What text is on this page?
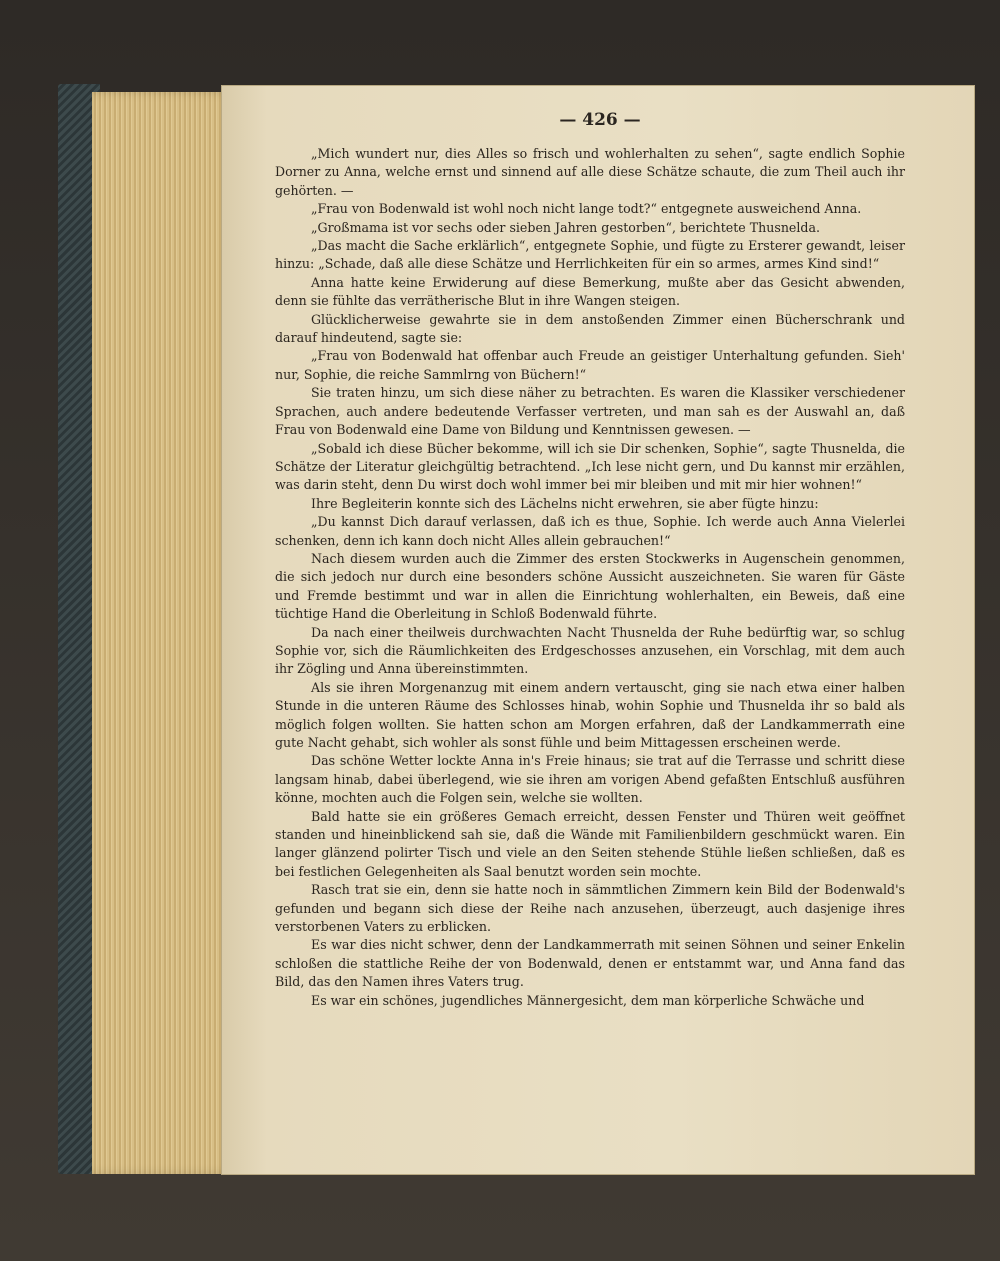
— 426 —

„Mich wundert nur, dies Alles so frisch und wohlerhalten zu sehen“, sagte endlich Sophie Dorner zu Anna, welche ernst und sinnend auf alle diese Schätze schaute, die zum Theil auch ihr gehörten. —

„Frau von Bodenwald ist wohl noch nicht lange todt?“ entgegnete ausweichend Anna.

„Großmama ist vor sechs oder sieben Jahren gestorben“, berichtete Thusnelda.

„Das macht die Sache erklärlich“, entgegnete Sophie, und fügte zu Ersterer gewandt, leiser hinzu: „Schade, daß alle diese Schätze und Herrlichkeiten für ein so armes, armes Kind sind!“

Anna hatte keine Erwiderung auf diese Bemerkung, mußte aber das Gesicht abwenden, denn sie fühlte das verrätherische Blut in ihre Wangen steigen.

Glücklicherweise gewahrte sie in dem anstoßenden Zimmer einen Bücherschrank und darauf hindeutend, sagte sie:

„Frau von Bodenwald hat offenbar auch Freude an geistiger Unterhaltung gefunden. Sieh' nur, Sophie, die reiche Sammlrng von Büchern!“

Sie traten hinzu, um sich diese näher zu betrachten. Es waren die Klassiker verschiedener Sprachen, auch andere bedeutende Verfasser vertreten, und man sah es der Auswahl an, daß Frau von Bodenwald eine Dame von Bildung und Kenntnissen gewesen. —

„Sobald ich diese Bücher bekomme, will ich sie Dir schenken, Sophie“, sagte Thusnelda, die Schätze der Literatur gleichgültig betrachtend. „Ich lese nicht gern, und Du kannst mir erzählen, was darin steht, denn Du wirst doch wohl immer bei mir bleiben und mit mir hier wohnen!“

Ihre Begleiterin konnte sich des Lächelns nicht erwehren, sie aber fügte hinzu:

„Du kannst Dich darauf verlassen, daß ich es thue, Sophie. Ich werde auch Anna Vielerlei schenken, denn ich kann doch nicht Alles allein gebrauchen!“

Nach diesem wurden auch die Zimmer des ersten Stockwerks in Augenschein genommen, die sich jedoch nur durch eine besonders schöne Aussicht auszeichneten. Sie waren für Gäste und Fremde bestimmt und war in allen die Einrichtung wohlerhalten, ein Beweis, daß eine tüchtige Hand die Oberleitung in Schloß Bodenwald führte.

Da nach einer theilweis durchwachten Nacht Thusnelda der Ruhe bedürftig war, so schlug Sophie vor, sich die Räumlichkeiten des Erdgeschosses anzusehen, ein Vorschlag, mit dem auch ihr Zögling und Anna übereinstimmten.

Als sie ihren Morgenanzug mit einem andern vertauscht, ging sie nach etwa einer halben Stunde in die unteren Räume des Schlosses hinab, wohin Sophie und Thusnelda ihr so bald als möglich folgen wollten. Sie hatten schon am Morgen erfahren, daß der Landkammerrath eine gute Nacht gehabt, sich wohler als sonst fühle und beim Mittagessen erscheinen werde.

Das schöne Wetter lockte Anna in's Freie hinaus; sie trat auf die Terrasse und schritt diese langsam hinab, dabei überlegend, wie sie ihren am vorigen Abend gefaßten Entschluß ausführen könne, mochten auch die Folgen sein, welche sie wollten.

Bald hatte sie ein größeres Gemach erreicht, dessen Fenster und Thüren weit geöffnet standen und hineinblickend sah sie, daß die Wände mit Familienbildern geschmückt waren. Ein langer glänzend polirter Tisch und viele an den Seiten stehende Stühle ließen schließen, daß es bei festlichen Gelegenheiten als Saal benutzt worden sein mochte.

Rasch trat sie ein, denn sie hatte noch in sämmtlichen Zimmern kein Bild der Bodenwald's gefunden und begann sich diese der Reihe nach anzusehen, überzeugt, auch dasjenige ihres verstorbenen Vaters zu erblicken.

Es war dies nicht schwer, denn der Landkammerrath mit seinen Söhnen und seiner Enkelin schloßen die stattliche Reihe der von Bodenwald, denen er entstammt war, und Anna fand das Bild, das den Namen ihres Vaters trug.

Es war ein schönes, jugendliches Männergesicht, dem man körperliche Schwäche und
